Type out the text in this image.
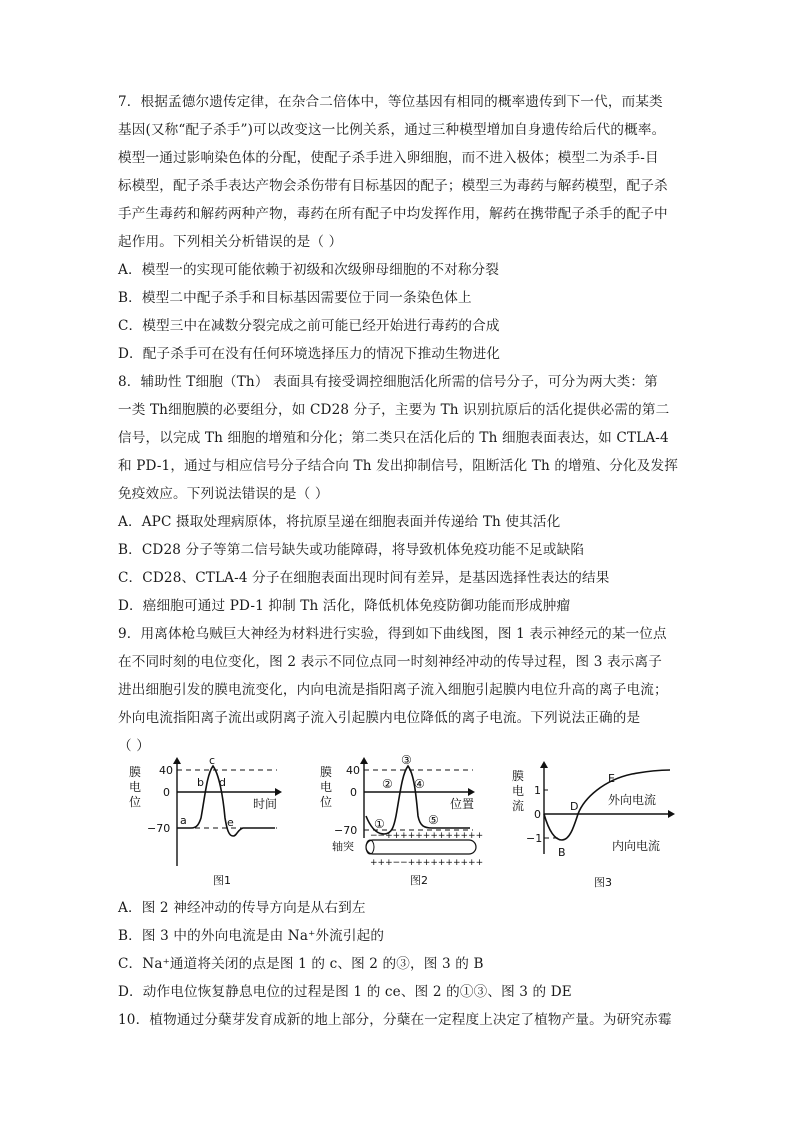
7．根据孟德尔遗传定律，在杂合二倍体中，等位基因有相同的概率遗传到下一代，而某类
基因(又称“配子杀手”)可以改变这一比例关系，通过三种模型增加自身遗传给后代的概率。
模型一通过影响染色体的分配，使配子杀手进入卵细胞，而不进入极体；模型二为杀手-目
标模型，配子杀手表达产物会杀伤带有目标基因的配子；模型三为毒药与解药模型，配子杀
手产生毒药和解药两种产物，毒药在所有配子中均发挥作用，解药在携带配子杀手的配子中
起作用。下列相关分析错误的是（ ）
A．模型一的实现可能依赖于初级和次级卵母细胞的不对称分裂
B．模型二中配子杀手和目标基因需要位于同一条染色体上
C．模型三中在减数分裂完成之前可能已经开始进行毒药的合成
D．配子杀手可在没有任何环境选择压力的情况下推动生物进化
8．辅助性 T细胞（Th） 表面具有接受调控细胞活化所需的信号分子，可分为两大类：第
一类 Th细胞膜的必要组分，如 CD28 分子，主要为 Th 识别抗原后的活化提供必需的第二
信号，以完成 Th 细胞的增殖和分化；第二类只在活化后的 Th 细胞表面表达，如 CTLA-4
和 PD-1，通过与相应信号分子结合向 Th 发出抑制信号，阻断活化 Th 的增殖、分化及发挥
免疫效应。下列说法错误的是（ ）
A．APC 摄取处理病原体，将抗原呈递在细胞表面并传递给 Th 使其活化
B．CD28 分子等第二信号缺失或功能障碍，将导致机体免疫功能不足或缺陷
C．CD28、CTLA-4 分子在细胞表面出现时间有差异，是基因选择性表达的结果
D．癌细胞可通过 PD-1 抑制 Th 活化，降低机体免疫防御功能而形成肿瘤
9．用离体枪乌贼巨大神经为材料进行实验，得到如下曲线图，图 1 表示神经元的某一位点
在不同时刻的电位变化，图 2 表示不同位点同一时刻神经冲动的传导过程，图 3 表示离子
进出细胞引发的膜电流变化，内向电流是指阳离子流入细胞引起膜内电位升高的离子电流；
外向电流指阳离子流出或阴离子流入引起膜内电位降低的离子电流。下列说法正确的是
（ ）
膜
电
位
40
0
−70
时间
a
b
c
d
e
图1
膜
电
位
40
0
−70
位置
①
②
③
④
⑤
轴突
−−+++++++++++++
+++−−++++++++++
图2
膜
电
流
1
0
−1
B
D
E
外向电流
内向电流
图3
A．图 2 神经冲动的传导方向是从右到左
B．图 3 中的外向电流是由 Na⁺外流引起的
C．Na⁺通道将关闭的点是图 1 的 c、图 2 的③，图 3 的 B
D．动作电位恢复静息电位的过程是图 1 的 ce、图 2 的①③、图 3 的 DE
10．植物通过分蘖芽发育成新的地上部分，分蘖在一定程度上决定了植物产量。为研究赤霉
